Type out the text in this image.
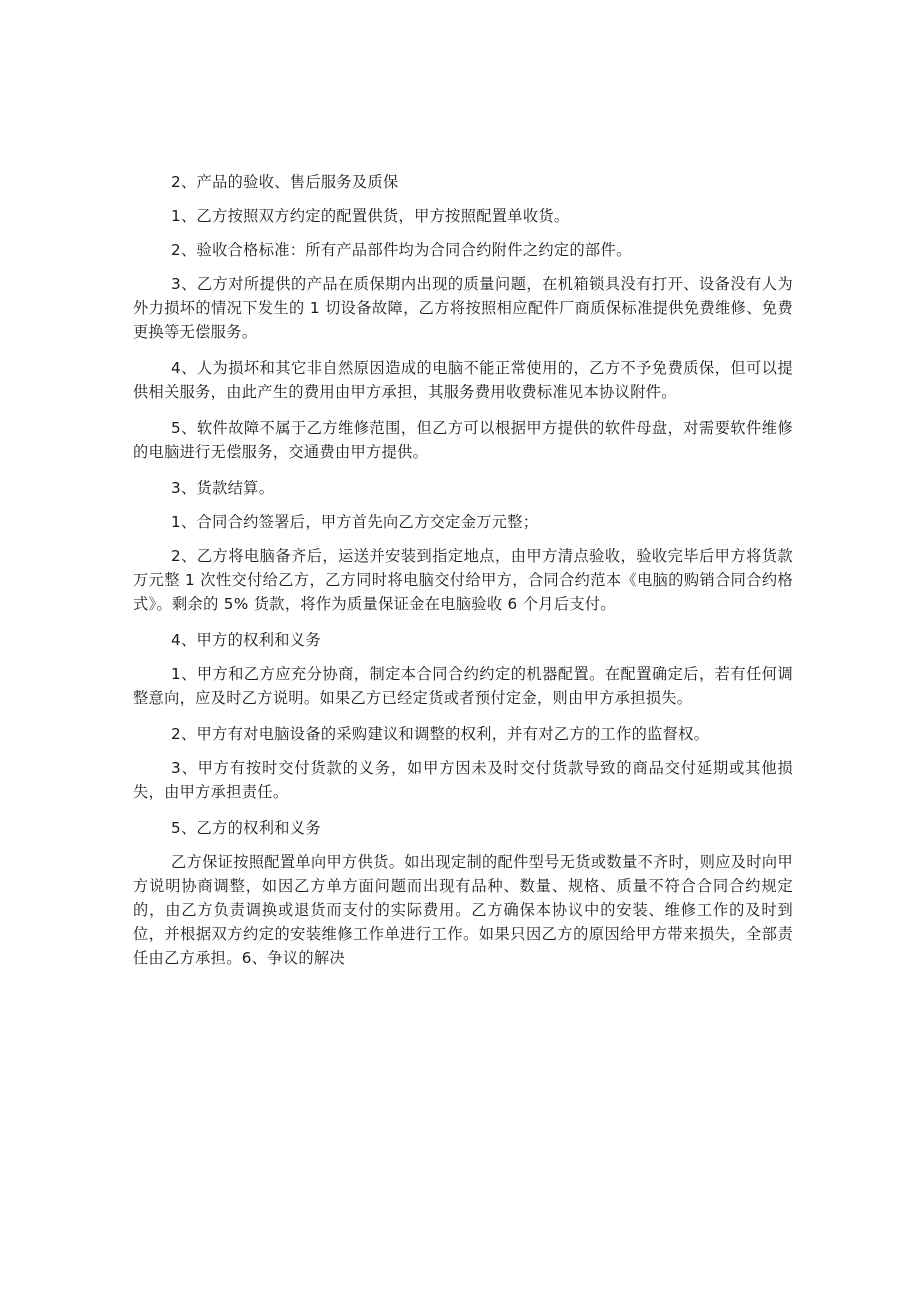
2、产品的验收、售后服务及质保

1、乙方按照双方约定的配置供货，甲方按照配置单收货。

2、验收合格标准：所有产品部件均为合同合约附件之约定的部件。

3、乙方对所提供的产品在质保期内出现的质量问题，在机箱锁具没有打开、设备没有人为外力损坏的情况下发生的 1 切设备故障，乙方将按照相应配件厂商质保标准提供免费维修、免费更换等无偿服务。

4、人为损坏和其它非自然原因造成的电脑不能正常使用的，乙方不予免费质保，但可以提供相关服务，由此产生的费用由甲方承担，其服务费用收费标准见本协议附件。

5、软件故障不属于乙方维修范围，但乙方可以根据甲方提供的软件母盘，对需要软件维修的电脑进行无偿服务，交通费由甲方提供。

3、货款结算。

1、合同合约签署后，甲方首先向乙方交定金万元整；

2、乙方将电脑备齐后，运送并安装到指定地点，由甲方清点验收，验收完毕后甲方将货款万元整 1 次性交付给乙方，乙方同时将电脑交付给甲方，合同合约范本《电脑的购销合同合约格式》。剩余的 5% 货款，将作为质量保证金在电脑验收 6 个月后支付。

4、甲方的权利和义务

1、甲方和乙方应充分协商，制定本合同合约约定的机器配置。在配置确定后，若有任何调整意向，应及时乙方说明。如果乙方已经定货或者预付定金，则由甲方承担损失。

2、甲方有对电脑设备的采购建议和调整的权利，并有对乙方的工作的监督权。

3、甲方有按时交付货款的义务，如甲方因未及时交付货款导致的商品交付延期或其他损失，由甲方承担责任。

5、乙方的权利和义务

乙方保证按照配置单向甲方供货。如出现定制的配件型号无货或数量不齐时，则应及时向甲方说明协商调整，如因乙方单方面问题而出现有品种、数量、规格、质量不符合合同合约规定的，由乙方负责调换或退货而支付的实际费用。乙方确保本协议中的安装、维修工作的及时到位，并根据双方约定的安装维修工作单进行工作。如果只因乙方的原因给甲方带来损失，全部责任由乙方承担。6、争议的解决
